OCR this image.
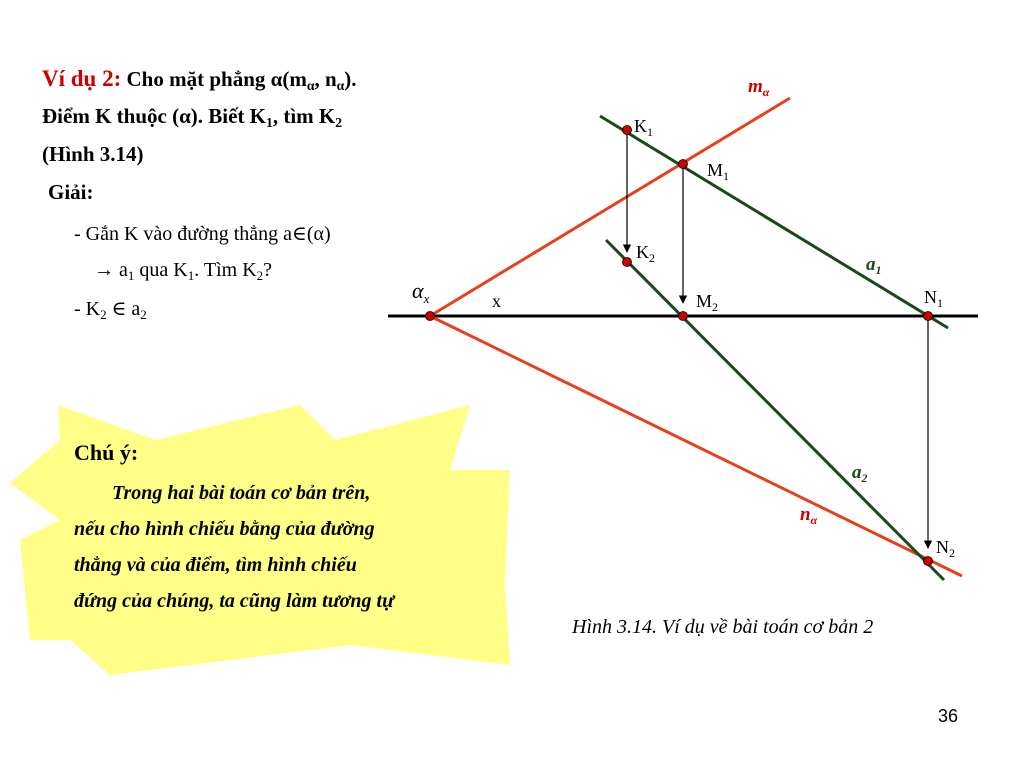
Ví dụ 2: Cho mặt phẳng $\alpha(m_\alpha$, $n_\alpha$).
Điểm K thuộc (α). Biết $K_1$, tìm $K_2$
(Hình 3.14)
Giải:
- Gắn K vào đường thẳng a∈(α)
→ $a_1$ qua $K_1$. Tìm $K_2$?
- $K_2$ ∈ $a_2$
$m_\alpha$
$K_1$
$M_1$
$K_2$	$a_1$
$\alpha_x$	x	$M_2$	$N_1$
$a_2$
$n_\alpha$
$N_2$
Chú ý:
Trong hai bài toán cơ bản trên,
nếu cho hình chiếu bằng của đường
thẳng và của điểm, tìm hình chiếu
đứng của chúng, ta cũng làm tương tự
Hình 3.14. Ví dụ về bài toán cơ bản 2
36
